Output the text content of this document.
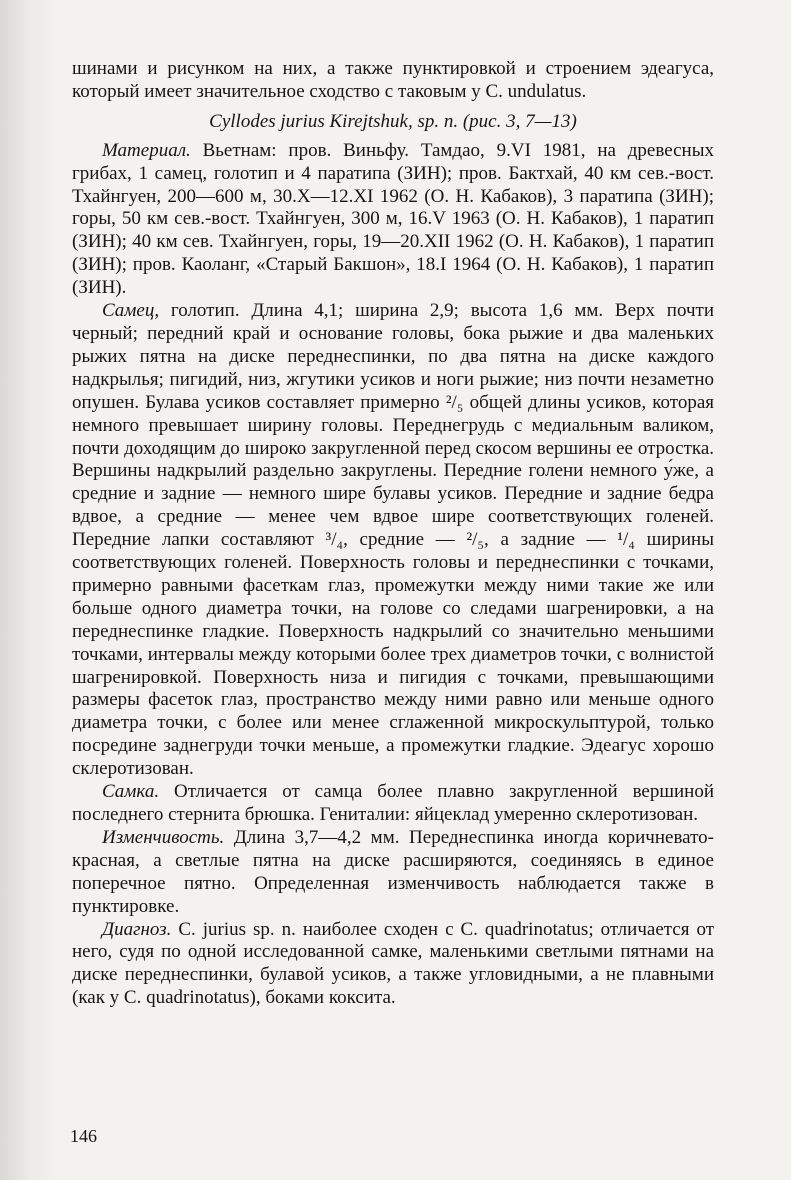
шинами и рисунком на них, а также пунктировкой и строением эдеагуса, который имеет значительное сходство с таковым у C. undulatus.

Cyllodes jurius Kirejtshuk, sp. n. (рис. 3, 7—13)

Материал. Вьетнам: пров. Виньфу. Тамдао, 9.VI 1981, на древесных грибах, 1 самец, голотип и 4 паратипа (ЗИН); пров. Бактхай, 40 км сев.-вост. Тхайнгуен, 200—600 м, 30.X—12.XI 1962 (О. Н. Кабаков), 3 паратипа (ЗИН); горы, 50 км сев.-вост. Тхайнгуен, 300 м, 16.V 1963 (О. Н. Кабаков), 1 паратип (ЗИН); 40 км сев. Тхайнгуен, горы, 19—20.XII 1962 (О. Н. Кабаков), 1 паратип (ЗИН); пров. Каоланг, «Старый Бакшон», 18.I 1964 (О. Н. Кабаков), 1 паратип (ЗИН).

Самец, голотип. Длина 4,1; ширина 2,9; высота 1,6 мм. Верх почти черный; передний край и основание головы, бока рыжие и два маленьких рыжих пятна на диске переднеспинки, по два пятна на диске каждого надкрылья; пигидий, низ, жгутики усиков и ноги рыжие; низ почти незаметно опушен. Булава усиков составляет примерно ²/₅ общей длины усиков, которая немного превышает ширину головы. Переднегрудь с медиальным валиком, почти доходящим до широко закругленной перед скосом вершины ее отростка. Вершины надкрылий раздельно закруглены. Передние голени немного у́же, а средние и задние — немного шире булавы усиков. Передние и задние бедра вдвое, а средние — менее чем вдвое шире соответствующих голеней. Передние лапки составляют ³/₄, средние — ²/₅, а задние — ¹/₄ ширины соответствующих голеней. Поверхность головы и переднеспинки с точками, примерно равными фасеткам глаз, промежутки между ними такие же или больше одного диаметра точки, на голове со следами шагренировки, а на переднеспинке гладкие. Поверхность надкрылий со значительно меньшими точками, интервалы между которыми более трех диаметров точки, с волнистой шагренировкой. Поверхность низа и пигидия с точками, превышающими размеры фасеток глаз, пространство между ними равно или меньше одного диаметра точки, с более или менее сглаженной микроскульптурой, только посредине заднегруди точки меньше, а промежутки гладкие. Эдеагус хорошо склеротизован.

Самка. Отличается от самца более плавно закругленной вершиной последнего стернита брюшка. Гениталии: яйцеклад умеренно склеротизован.

Изменчивость. Длина 3,7—4,2 мм. Переднеспинка иногда коричневато-красная, а светлые пятна на диске расширяются, соединяясь в единое поперечное пятно. Определенная изменчивость наблюдается также в пунктировке.

Диагноз. C. jurius sp. n. наиболее сходен с C. quadrinotatus; отличается от него, судя по одной исследованной самке, маленькими светлыми пятнами на диске переднеспинки, булавой усиков, а также угловидными, а не плавными (как у C. quadrinotatus), боками коксита.

146
